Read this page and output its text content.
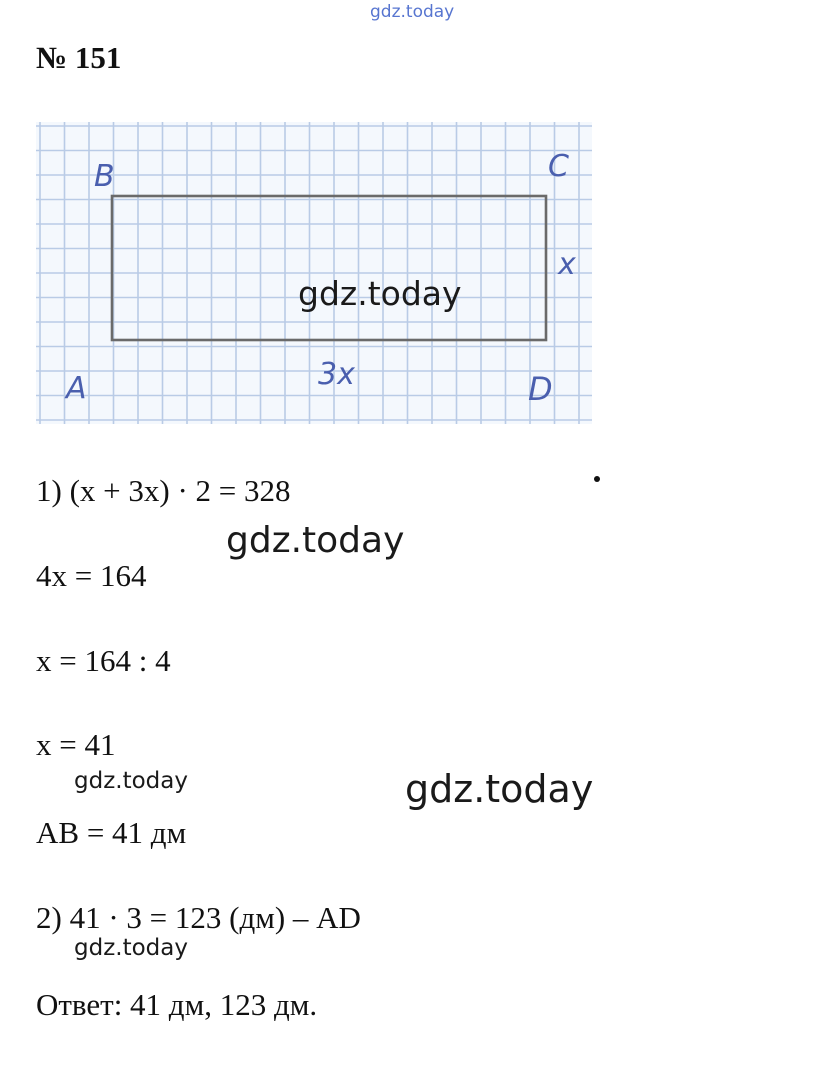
gdz.today
№ 151
B	C
A	D
x
3x
gdz.today
1) (x + 3x) · 2 = 328
gdz.today
4x = 164
x = 164 : 4
x = 41
gdz.today	gdz.today
AB = 41 дм
2) 41 · 3 = 123 (дм) – AD
gdz.today
Ответ: 41 дм, 123 дм.
